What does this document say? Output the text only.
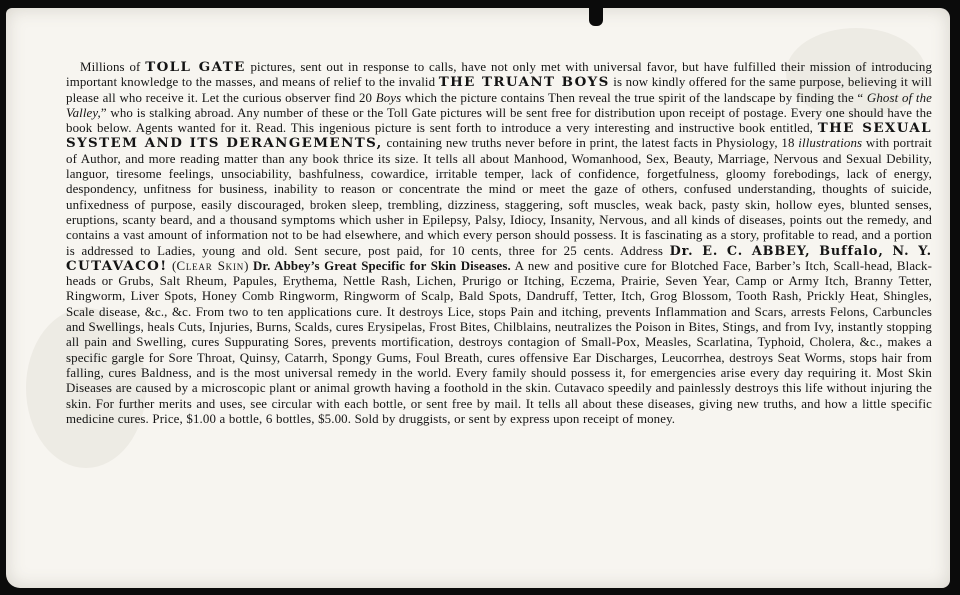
Millions of TOLL GATE pictures, sent out in response to calls, have not only met with universal favor, but have fulfilled their mission of introducing important knowledge to the masses, and means of relief to the invalid THE TRUANT BOYS is now kindly offered for the same purpose, believing it will please all who receive it. Let the curious observer find 20 Boys which the picture contains Then reveal the true spirit of the landscape by finding the “ Ghost of the Valley,” who is stalking abroad. Any number of these or the Toll Gate pictures will be sent free for distribution upon receipt of postage. Every one should have the book below. Agents wanted for it. Read. This ingenious picture is sent forth to introduce a very interesting and instructive book entitled, THE SEXUAL SYSTEM AND ITS DERANGEMENTS, containing new truths never before in print, the latest facts in Physiology, 18 illustrations with portrait of Author, and more reading matter than any book thrice its size. It tells all about Manhood, Womanhood, Sex, Beauty, Marriage, Nervous and Sexual Debility, languor, tiresome feelings, unsociability, bashfulness, cowardice, irritable temper, lack of confidence, forgetfulness, gloomy forebodings, lack of energy, despondency, unfitness for business, inability to reason or concentrate the mind or meet the gaze of others, confused understanding, thoughts of suicide, unfixedness of purpose, easily discouraged, broken sleep, trembling, dizziness, staggering, soft muscles, weak back, pasty skin, hollow eyes, blunted senses, eruptions, scanty beard, and a thousand symptoms which usher in Epilepsy, Palsy, Idiocy, Insanity, Nervous, and all kinds of diseases, points out the remedy, and contains a vast amount of information not to be had elsewhere, and which every person should possess. It is fascinating as a story, profitable to read, and a portion is addressed to Ladies, young and old. Sent secure, post paid, for 10 cents, three for 25 cents. Address Dr. E. C. ABBEY, Buffalo, N. Y. CUTAVACO! (Clear Skin) Dr. Abbey’s Great Specific for Skin Diseases. A new and positive cure for Blotched Face, Barber’s Itch, Scall-head, Black-heads or Grubs, Salt Rheum, Papules, Erythema, Nettle Rash, Lichen, Prurigo or Itching, Eczema, Prairie, Seven Year, Camp or Army Itch, Branny Tetter, Ringworm, Liver Spots, Honey Comb Ringworm, Ringworm of Scalp, Bald Spots, Dandruff, Tetter, Itch, Grog Blossom, Tooth Rash, Prickly Heat, Shingles, Scale disease, &c., &c. From two to ten applications cure. It destroys Lice, stops Pain and itching, prevents Inflammation and Scars, arrests Felons, Carbuncles and Swellings, heals Cuts, Injuries, Burns, Scalds, cures Erysipelas, Frost Bites, Chilblains, neutralizes the Poison in Bites, Stings, and from Ivy, instantly stopping all pain and Swelling, cures Suppurating Sores, prevents mortification, destroys contagion of Small-Pox, Measles, Scarlatina, Typhoid, Cholera, &c., makes a specific gargle for Sore Throat, Quinsy, Catarrh, Spongy Gums, Foul Breath, cures offensive Ear Discharges, Leucorrhea, destroys Seat Worms, stops hair from falling, cures Baldness, and is the most universal remedy in the world. Every family should possess it, for emergencies arise every day requiring it. Most Skin Diseases are caused by a microscopic plant or animal growth having a foothold in the skin. Cutavaco speedily and painlessly destroys this life without injuring the skin. For further merits and uses, see circular with each bottle, or sent free by mail. It tells all about these diseases, giving new truths, and how a little specific medicine cures. Price, $1.00 a bottle, 6 bottles, $5.00. Sold by druggists, or sent by express upon receipt of money.
